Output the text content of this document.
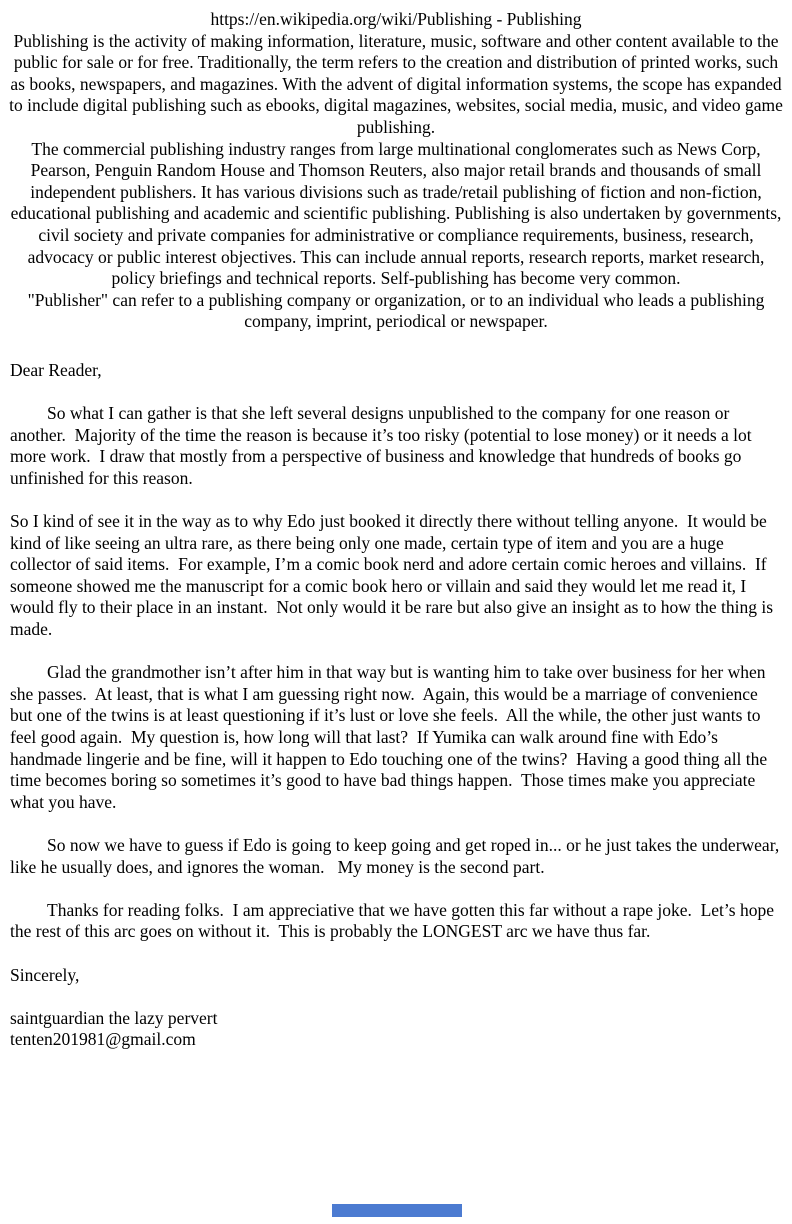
https://en.wikipedia.org/wiki/Publishing - Publishing

Publishing is the activity of making information, literature, music, software and other content available to the public for sale or for free. Traditionally, the term refers to the creation and distribution of printed works, such as books, newspapers, and magazines. With the advent of digital information systems, the scope has expanded to include digital publishing such as ebooks, digital magazines, websites, social media, music, and video game publishing.

The commercial publishing industry ranges from large multinational conglomerates such as News Corp, Pearson, Penguin Random House and Thomson Reuters, also major retail brands and thousands of small independent publishers. It has various divisions such as trade/retail publishing of fiction and non-fiction, educational publishing and academic and scientific publishing. Publishing is also undertaken by governments, civil society and private companies for administrative or compliance requirements, business, research, advocacy or public interest objectives. This can include annual reports, research reports, market research, policy briefings and technical reports. Self-publishing has become very common.

"Publisher" can refer to a publishing company or organization, or to an individual who leads a publishing company, imprint, periodical or newspaper.

Dear Reader,

So what I can gather is that she left several designs unpublished to the company for one reason or another.  Majority of the time the reason is because it’s too risky (potential to lose money) or it needs a lot more work.  I draw that mostly from a perspective of business and knowledge that hundreds of books go unfinished for this reason.

So I kind of see it in the way as to why Edo just booked it directly there without telling anyone.  It would be kind of like seeing an ultra rare, as there being only one made, certain type of item and you are a huge collector of said items.  For example, I’m a comic book nerd and adore certain comic heroes and villains.  If someone showed me the manuscript for a comic book hero or villain and said they would let me read it, I would fly to their place in an instant.  Not only would it be rare but also give an insight as to how the thing is made.

Glad the grandmother isn’t after him in that way but is wanting him to take over business for her when she passes.  At least, that is what I am guessing right now.  Again, this would be a marriage of convenience but one of the twins is at least questioning if it’s lust or love she feels.  All the while, the other just wants to feel good again.  My question is, how long will that last?  If Yumika can walk around fine with Edo’s handmade lingerie and be fine, will it happen to Edo touching one of the twins?  Having a good thing all the time becomes boring so sometimes it’s good to have bad things happen.  Those times make you appreciate what you have.

So now we have to guess if Edo is going to keep going and get roped in... or he just takes the underwear, like he usually does, and ignores the woman.   My money is the second part.

Thanks for reading folks.  I am appreciative that we have gotten this far without a rape joke.  Let’s hope the rest of this arc goes on without it.  This is probably the LONGEST arc we have thus far.

Sincerely,

saintguardian the lazy pervert

tenten201981@gmail.com
